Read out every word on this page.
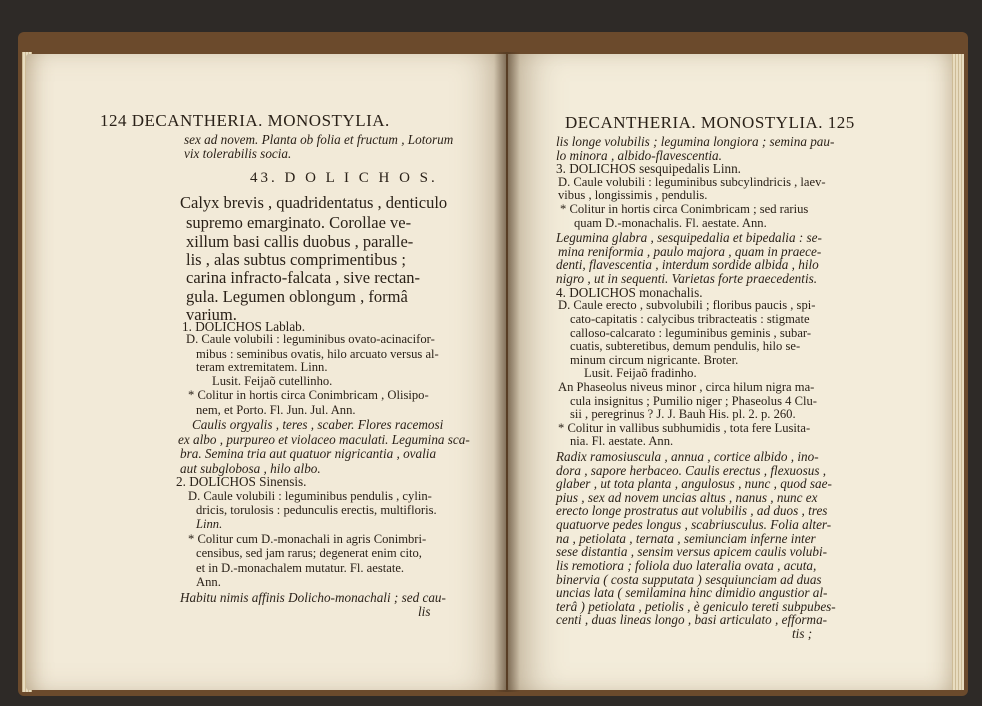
124 DECANTHERIA. MONOSTYLIA.
sex ad novem. Planta ob folia et fructum , Lotorum
vix tolerabilis socia.
43. D O L I C H O S.
Calyx brevis , quadridentatus , denticulo
supremo emarginato. Corollae ve-
xillum basi callis duobus , paralle-
lis , alas subtus comprimentibus ;
carina infracto-falcata , sive rectan-
gula. Legumen oblongum , formâ
varium.
1. DOLICHOS Lablab.
D. Caule volubili : leguminibus ovato-acinacifor-
mibus : seminibus ovatis, hilo arcuato versus al-
teram extremitatem. Linn.
Lusit. Feijaõ cutellinho.
* Colitur in hortis circa Conimbricam , Olisipo-
nem, et Porto. Fl. Jun. Jul. Ann.
Caulis orgyalis , teres , scaber. Flores racemosi
ex albo , purpureo et violaceo maculati. Legumina sca-
bra. Semina tria aut quatuor nigricantia , ovalia
aut subglobosa , hilo albo.
2. DOLICHOS Sinensis.
D. Caule volubili : leguminibus pendulis , cylin-
dricis, torulosis : pedunculis erectis, multifloris.
Linn.
* Colitur cum D.-monachali in agris Conimbri-
censibus, sed jam rarus; degenerat enim cito,
et in D.-monachalem mutatur. Fl. aestate.
Ann.
Habitu nimis affinis Dolicho-monachali ; sed cau-
lis
DECANTHERIA. MONOSTYLIA. 125
lis longe volubilis ; legumina longiora ; semina pau-
lo minora , albido-flavescentia.
3. DOLICHOS sesquipedalis Linn.
D. Caule volubili : leguminibus subcylindricis , laev-
vibus , longissimis , pendulis.
* Colitur in hortis circa Conimbricam ; sed rarius
quam D.-monachalis. Fl. aestate. Ann.
Legumina glabra , sesquipedalia et bipedalia : se-
mina reniformia , paulo majora , quam in praece-
denti, flavescentia , interdum sordide albida , hilo
nigro , ut in sequenti. Varietas forte praecedentis.
4. DOLICHOS monachalis.
D. Caule erecto , subvolubili ; floribus paucis , spi-
cato-capitatis : calycibus tribracteatis : stigmate
calloso-calcarato : leguminibus geminis , subar-
cuatis, subteretibus, demum pendulis, hilo se-
minum circum nigricante. Broter.
Lusit. Feijaõ fradinho.
An Phaseolus niveus minor , circa hilum nigra ma-
cula insignitus ; Pumilio niger ; Phaseolus 4 Clu-
sii , peregrinus ? J. J. Bauh His. pl. 2. p. 260.
* Colitur in vallibus subhumidis , tota fere Lusita-
nia. Fl. aestate. Ann.
Radix ramosiuscula , annua , cortice albido , ino-
dora , sapore herbaceo. Caulis erectus , flexuosus ,
glaber , ut tota planta , angulosus , nunc , quod sae-
pius , sex ad novem uncias altus , nanus , nunc ex
erecto longe prostratus aut volubilis , ad duos , tres
quatuorve pedes longus , scabriusculus. Folia alter-
na , petiolata , ternata , semiunciam inferne inter
sese distantia , sensim versus apicem caulis volubi-
lis remotiora ; foliola duo lateralia ovata , acuta,
binervia ( costa supputata ) sesquiunciam ad duas
uncias lata ( semilamina hinc dimidio angustior al-
terâ ) petiolata , petiolis , è geniculo tereti subpubes-
centi , duas lineas longo , basi articulato , efforma-
tis ;
